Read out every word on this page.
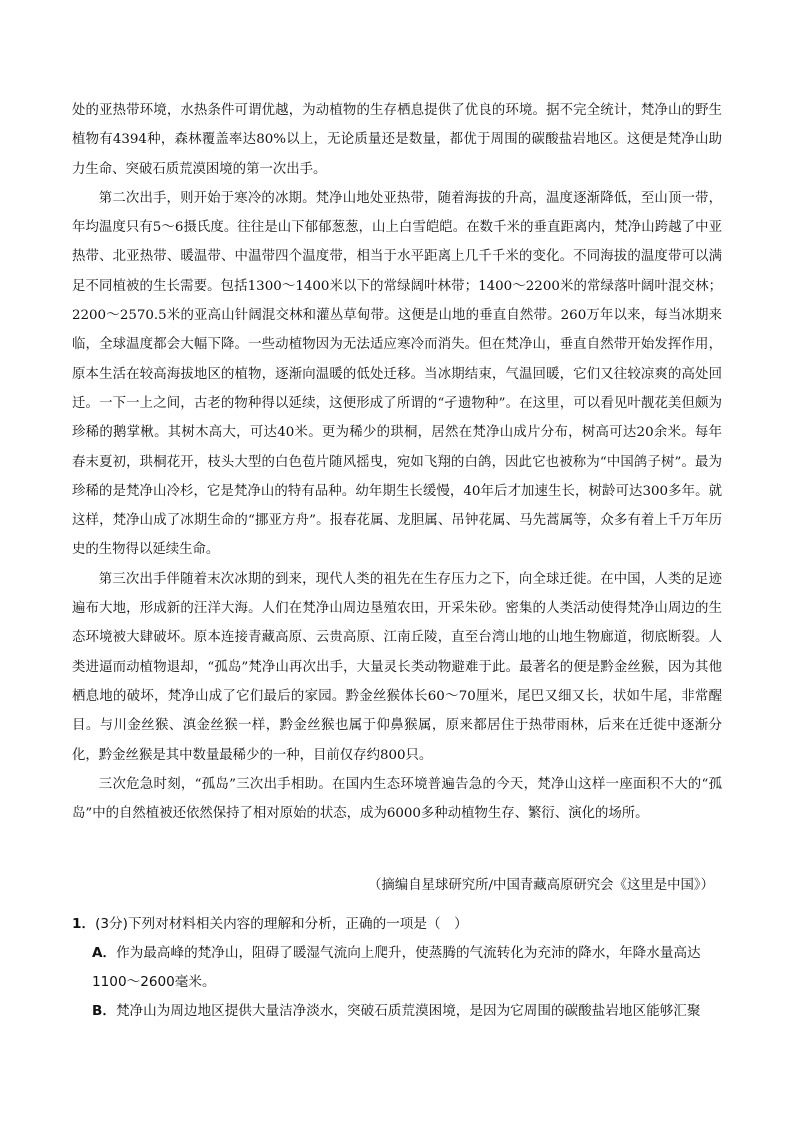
处的亚热带环境，水热条件可谓优越，为动植物的生存栖息提供了优良的环境。据不完全统计，梵净山的野生植物有4394种，森林覆盖率达80%以上，无论质量还是数量，都优于周围的碳酸盐岩地区。这便是梵净山助力生命、突破石质荒漠困境的第一次出手。

第二次出手，则开始于寒冷的冰期。梵净山地处亚热带，随着海拔的升高，温度逐渐降低，至山顶一带，年均温度只有5～6摄氏度。往往是山下郁郁葱葱，山上白雪皑皑。在数千米的垂直距离内，梵净山跨越了中亚热带、北亚热带、暖温带、中温带四个温度带，相当于水平距离上几千千米的变化。不同海拔的温度带可以满足不同植被的生长需要。包括1300～1400米以下的常绿阔叶林带；1400～2200米的常绿落叶阔叶混交林；2200～2570.5米的亚高山针阔混交林和灌丛草甸带。这便是山地的垂直自然带。260万年以来，每当冰期来临，全球温度都会大幅下降。一些动植物因为无法适应寒冷而消失。但在梵净山，垂直自然带开始发挥作用，原本生活在较高海拔地区的植物，逐渐向温暖的低处迁移。当冰期结束，气温回暖，它们又往较凉爽的高处回迁。一下一上之间，古老的物种得以延续，这便形成了所谓的“孑遗物种”。在这里，可以看见叶靓花美但颇为珍稀的鹅掌楸。其树木高大，可达40米。更为稀少的珙桐，居然在梵净山成片分布，树高可达20余米。每年春末夏初，珙桐花开，枝头大型的白色苞片随风摇曳，宛如飞翔的白鸽，因此它也被称为“中国鸽子树”。最为珍稀的是梵净山冷杉，它是梵净山的特有品种。幼年期生长缓慢，40年后才加速生长，树龄可达300多年。就这样，梵净山成了冰期生命的“挪亚方舟”。报春花属、龙胆属、吊钟花属、马先蒿属等，众多有着上千万年历史的生物得以延续生命。

第三次出手伴随着末次冰期的到来，现代人类的祖先在生存压力之下，向全球迁徙。在中国，人类的足迹遍布大地，形成新的汪洋大海。人们在梵净山周边垦殖农田，开采朱砂。密集的人类活动使得梵净山周边的生态环境被大肆破坏。原本连接青藏高原、云贵高原、江南丘陵，直至台湾山地的山地生物廊道，彻底断裂。人类进逼而动植物退却，“孤岛”梵净山再次出手，大量灵长类动物避难于此。最著名的便是黔金丝猴，因为其他栖息地的破坏，梵净山成了它们最后的家园。黔金丝猴体长60～70厘米，尾巴又细又长，状如牛尾，非常醒目。与川金丝猴、滇金丝猴一样，黔金丝猴也属于仰鼻猴属，原来都居住于热带雨林，后来在迁徙中逐渐分化，黔金丝猴是其中数量最稀少的一种，目前仅存约800只。

三次危急时刻，“孤岛”三次出手相助。在国内生态环境普遍告急的今天，梵净山这样一座面积不大的“孤岛”中的自然植被还依然保持了相对原始的状态，成为6000多种动植物生存、繁衍、演化的场所。

（摘编自星球研究所/中国青藏高原研究会《这里是中国》）

1．(3分)下列对材料相关内容的理解和分析，正确的一项是（　）

A．作为最高峰的梵净山，阻碍了暖湿气流向上爬升，使蒸腾的气流转化为充沛的降水，年降水量高达1100～2600毫米。

B．梵净山为周边地区提供大量洁净淡水，突破石质荒漠困境，是因为它周围的碳酸盐岩地区能够汇聚
